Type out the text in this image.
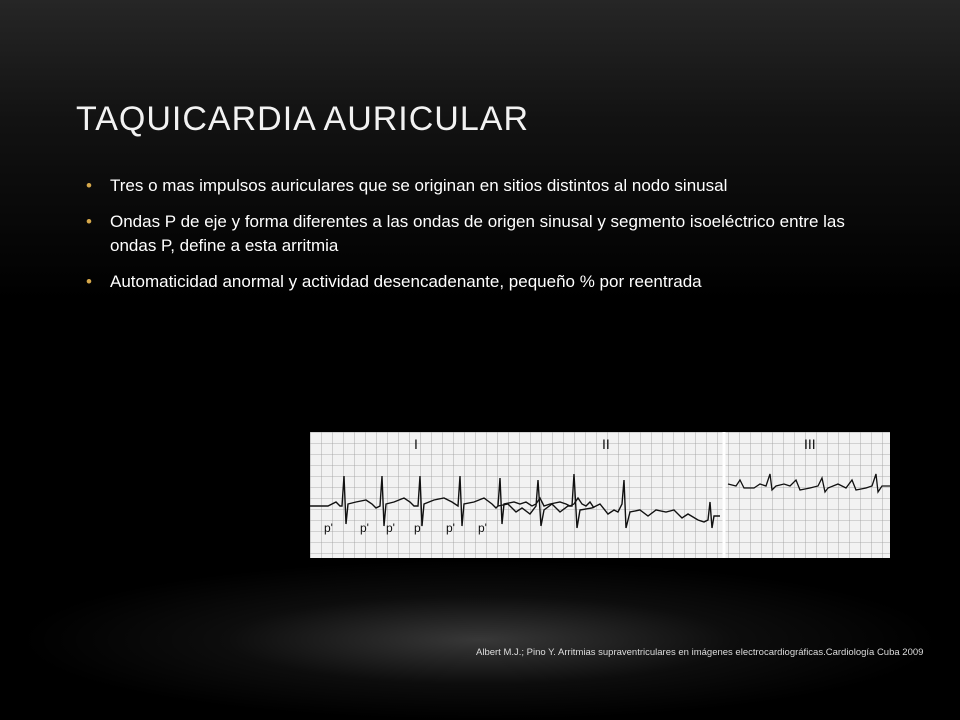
TAQUICARDIA AURICULAR
• Tres o mas impulsos auriculares que se originan en sitios distintos al nodo sinusal
• Ondas P de eje y forma diferentes a las ondas de origen sinusal y segmento isoeléctrico entre las ondas P, define a esta arritmia
• Automaticidad anormal y actividad desencadenante, pequeño % por reentrada
I	II	III
p' p' p' p' p' p'
Albert M.J.; Pino Y. Arritmias supraventriculares en imágenes electrocardiográficas.Cardiología Cuba 2009
